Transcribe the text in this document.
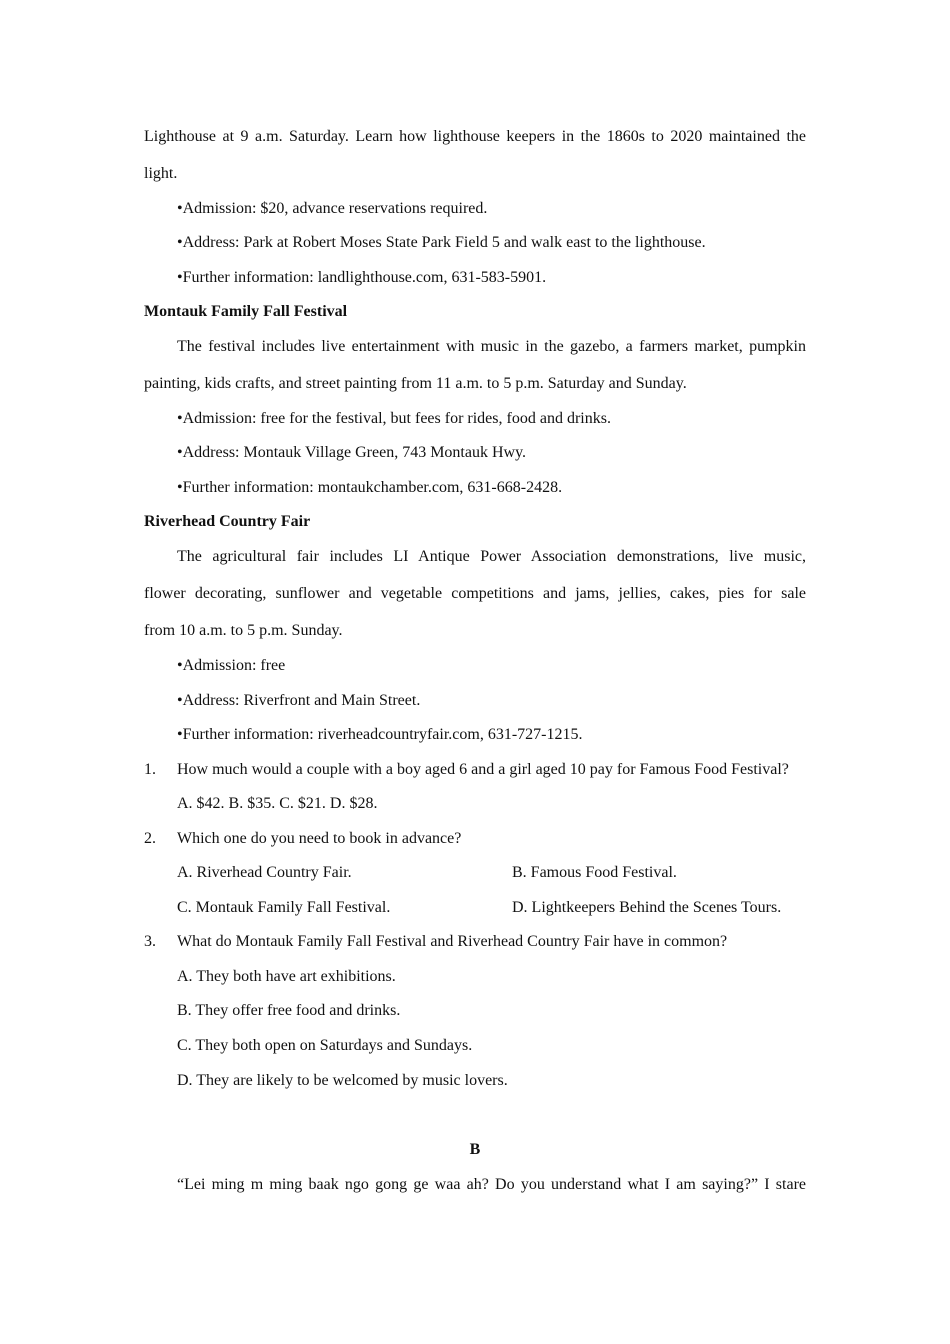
Lighthouse at 9 a.m. Saturday. Learn how lighthouse keepers in the 1860s to 2020 maintained the
light.
•Admission: $20, advance reservations required.
•Address: Park at Robert Moses State Park Field 5 and walk east to the lighthouse.
•Further information: landlighthouse.com, 631-583-5901.
Montauk Family Fall Festival
The festival includes live entertainment with music in the gazebo, a farmers market, pumpkin
painting, kids crafts, and street painting from 11 a.m. to 5 p.m. Saturday and Sunday.
•Admission: free for the festival, but fees for rides, food and drinks.
•Address: Montauk Village Green, 743 Montauk Hwy.
•Further information: montaukchamber.com, 631-668-2428.
Riverhead Country Fair
The agricultural fair includes LI Antique Power Association demonstrations, live music,
flower decorating, sunflower and vegetable competitions and jams, jellies, cakes, pies for sale
from 10 a.m. to 5 p.m. Sunday.
•Admission: free
•Address: Riverfront and Main Street.
•Further information: riverheadcountryfair.com, 631-727-1215.
1. How much would a couple with a boy aged 6 and a girl aged 10 pay for Famous Food Festival?
A. $42. B. $35. C. $21. D. $28.
2. Which one do you need to book in advance?
A. Riverhead Country Fair.	B. Famous Food Festival.
C. Montauk Family Fall Festival.	D. Lightkeepers Behind the Scenes Tours.
3. What do Montauk Family Fall Festival and Riverhead Country Fair have in common?
A. They both have art exhibitions.
B. They offer free food and drinks.
C. They both open on Saturdays and Sundays.
D. They are likely to be welcomed by music lovers.
B
“Lei ming m ming baak ngo gong ge waa ah? Do you understand what I am saying?” I stare
